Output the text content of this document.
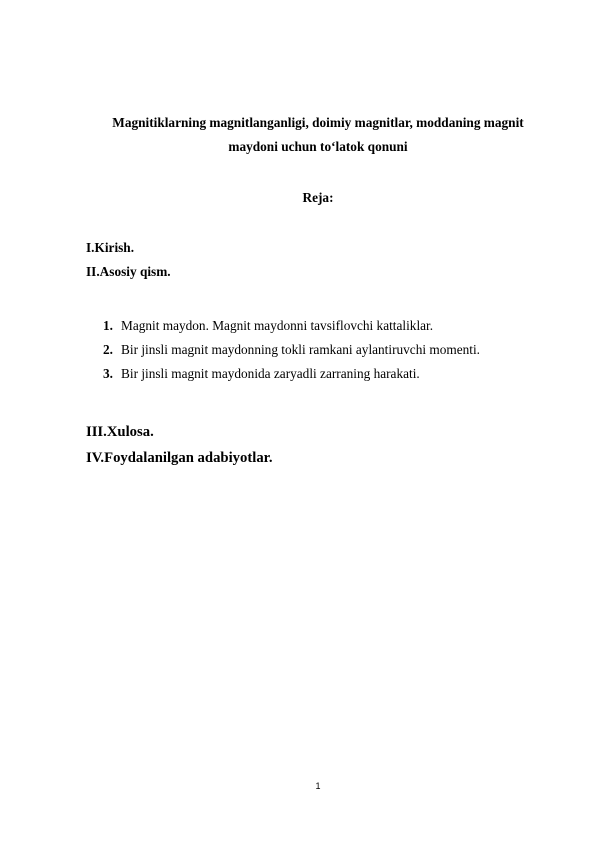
Magnitiklarning magnitlanganligi, doimiy magnitlar, moddaning magnit
maydoni uchun to‘latok qonuni
Reja:
I.Kirish.
II.Asosiy qism.
1. Magnit maydon. Magnit maydonni tavsiflovchi kattaliklar.
2. Bir jinsli magnit maydonning tokli ramkani aylantiruvchi momenti.
3. Bir jinsli magnit maydonida zaryadli zarraning harakati.
III.Xulosa.
IV.Foydalanilgan adabiyotlar.
1
